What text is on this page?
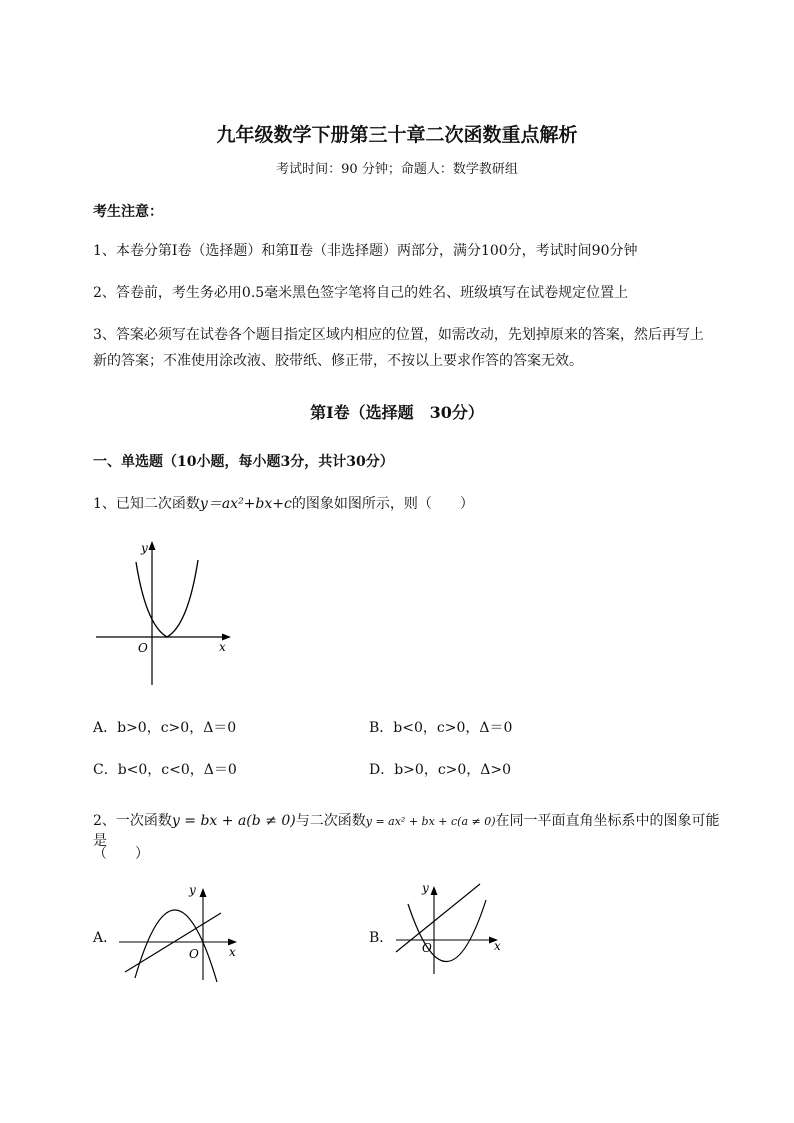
九年级数学下册第三十章二次函数重点解析
考试时间：90 分钟；命题人：数学教研组
考生注意：
1、本卷分第Ⅰ卷（选择题）和第Ⅱ卷（非选择题）两部分，满分100分，考试时间90分钟
2、答卷前，考生务必用0.5毫米黑色签字笔将自己的姓名、班级填写在试卷规定位置上
3、答案必须写在试卷各个题目指定区域内相应的位置，如需改动，先划掉原来的答案，然后再写上新的答案；不准使用涂改液、胶带纸、修正带，不按以上要求作答的答案无效。
第Ⅰ卷（选择题　30分）
一、单选题（10小题，每小题3分，共计30分）
1、已知二次函数y＝ax²+bx+c的图象如图所示，则（　　）
y
x
O
A．b>0，c>0，Δ＝0	B．b<0，c>0，Δ＝0
C．b<0，c<0，Δ＝0	D．b>0，c>0，Δ>0
2、一次函数y = bx + a(b ≠ 0)与二次函数y = ax² + bx + c(a ≠ 0)在同一平面直角坐标系中的图象可能是
（　　）
A．
y
x
O
B．
y
x
O
